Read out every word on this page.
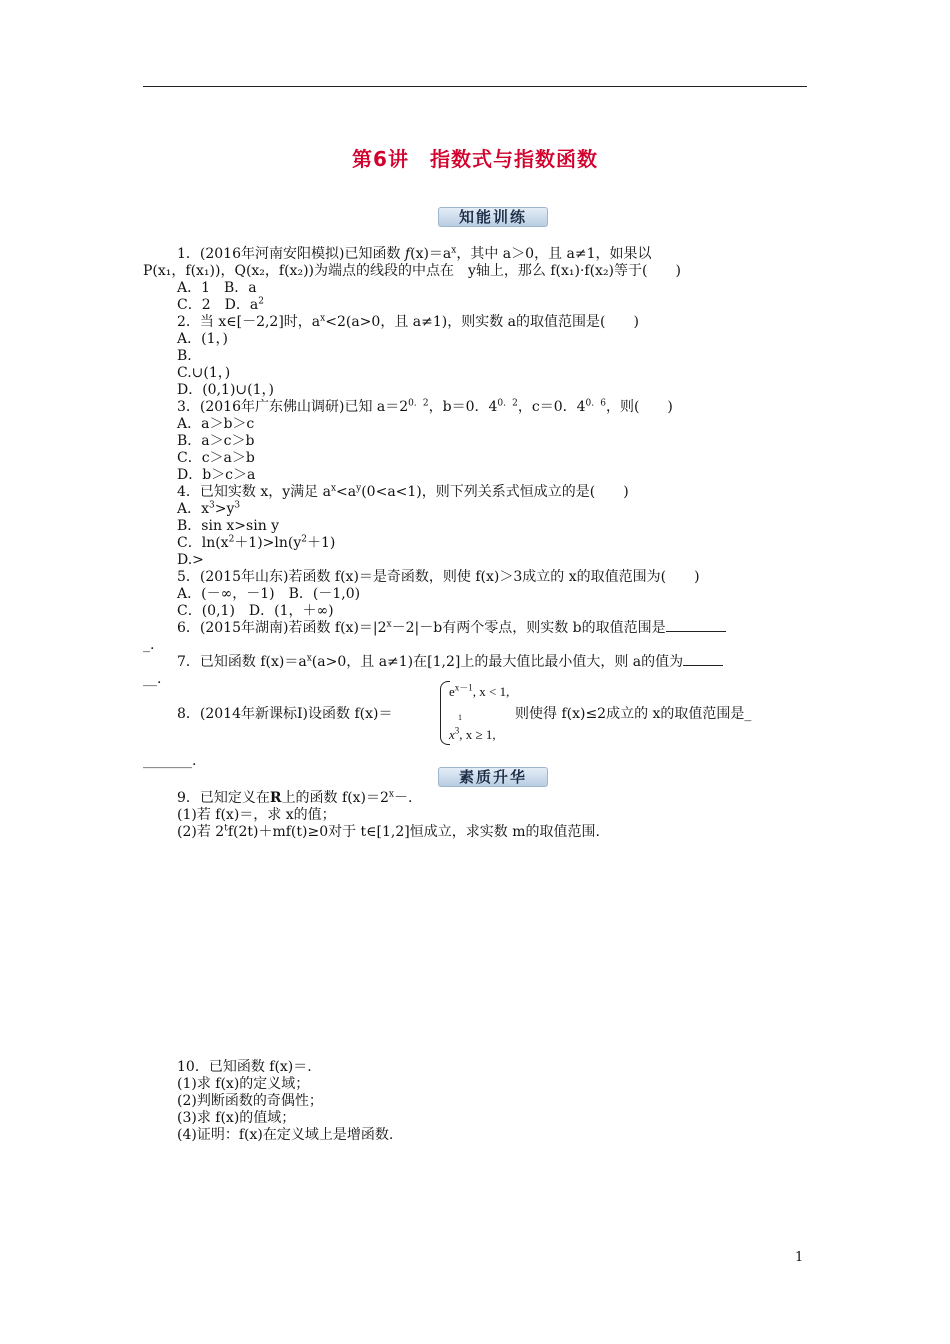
第6讲　指数式与指数函数
知能训练
1．(2016年河南安阳模拟)已知函数 $f(x)=a^x$，其中 a＞0，且 a≠1，如果以
P(x₁，f(x₁))，Q(x₂，f(x₂))为端点的线段的中点在　y轴上，那么 f(x₁)·f(x₂)等于(　　)
A．1　B．a
C．2　D．$a^2$
2．当 x∈[－2,2]时，$a^x<2(a>0$，且 a≠1)，则实数 a的取值范围是(　　)
A．(1，)
B．
C.∪(1，)
D．(0,1)∪(1，)
3．(2016年广东佛山调研)已知 $a=2^{0.2}$，b＝0．$4^{0.2}$，c＝0．$4^{0.6}$，则(　　)
A．a＞b＞c
B．a＞c＞b
C．c＞a＞b
D．b＞c＞a
4．已知实数 x，y满足 $a^x<a^y(0<a<1)$，则下列关系式恒成立的是(　　)
A．$x^3>y^3$
B．sin x>sin y
C．$\ln(x^2+1)>\ln(y^2+1)$
D.>
5．(2015年山东)若函数 f(x)＝是奇函数，则使 f(x)＞3成立的 x的取值范围为(　　)
A．(－∞，－1)　B．(－1,0)
C．(0,1)　D．(1，＋∞)
6．(2015年湖南)若函数 $f(x)=|2^x-2|-b$有两个零点，则实数 b的取值范围是
_.
7．已知函数 $f(x)=a^x(a>0$，且 a≠1)在[1,2]上的最大值比最小值大，则 a的值为
__.
8．(2014年新课标Ⅰ)设函数 f(x)＝
$e^{x-1}$, x < 1,
1
$x^3$, x ≥ 1,
则使得 f(x)≤2成立的 x的取值范围是_
_______.
素质升华
9．已知定义在R上的函数 $f(x)=2^x-$.
(1)若 f(x)＝，求 x的值；
(2)若 $2^tf(2t)+mf(t)\ge 0$对于 t∈[1,2]恒成立，求实数 m的取值范围.
10．已知函数 f(x)＝.
(1)求 f(x)的定义域；
(2)判断函数的奇偶性；
(3)求 f(x)的值域；
(4)证明：f(x)在定义域上是增函数.
1
